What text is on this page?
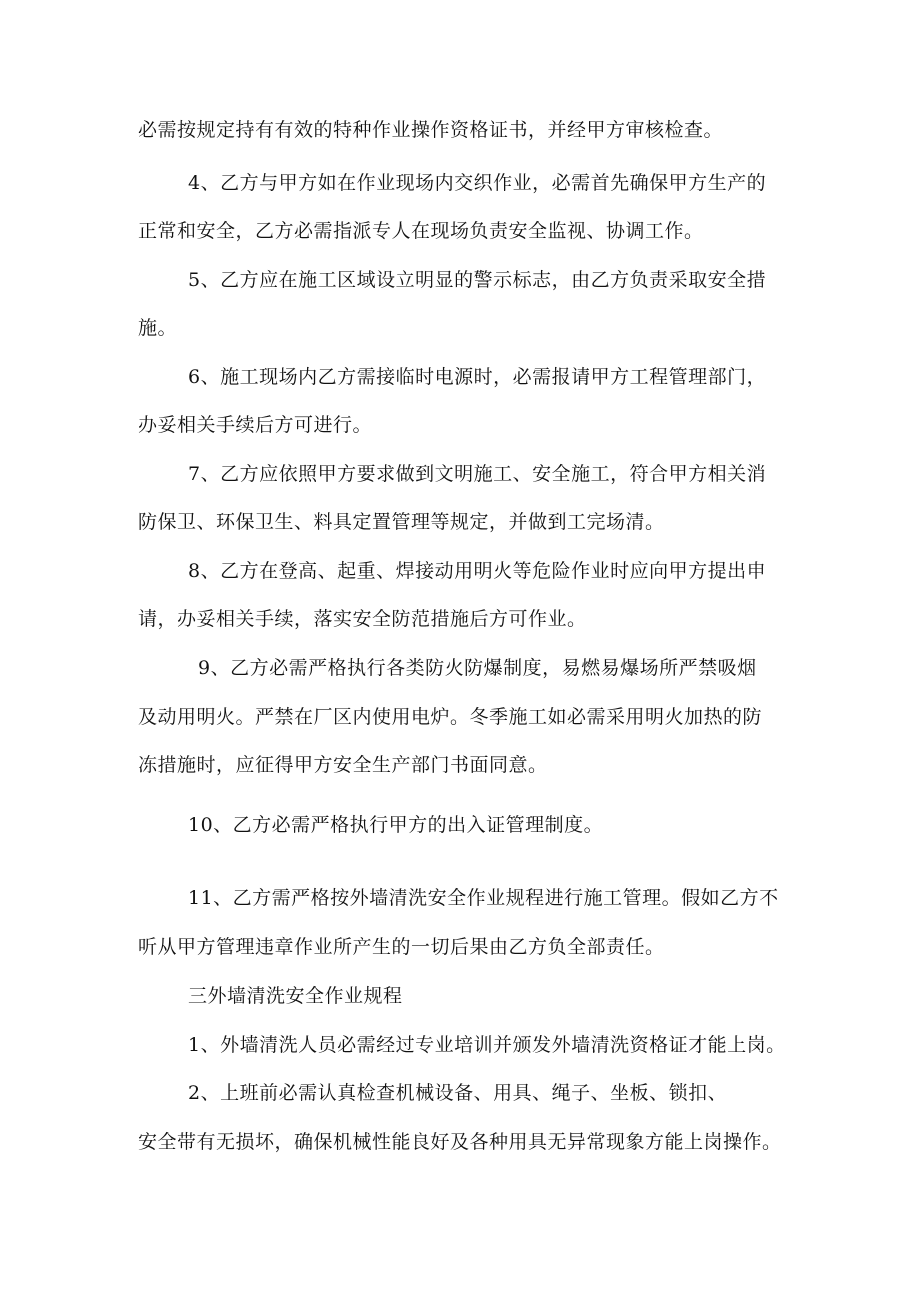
必需按规定持有有效的特种作业操作资格证书，并经甲方审核检查。
4、乙方与甲方如在作业现场内交织作业，必需首先确保甲方生产的
正常和安全，乙方必需指派专人在现场负责安全监视、协调工作。
5、乙方应在施工区域设立明显的警示标志，由乙方负责采取安全措
施。
6、施工现场内乙方需接临时电源时，必需报请甲方工程管理部门，
办妥相关手续后方可进行。
7、乙方应依照甲方要求做到文明施工、安全施工，符合甲方相关消
防保卫、环保卫生、料具定置管理等规定，并做到工完场清。
8、乙方在登高、起重、焊接动用明火等危险作业时应向甲方提出申
请，办妥相关手续，落实安全防范措施后方可作业。
9、乙方必需严格执行各类防火防爆制度，易燃易爆场所严禁吸烟
及动用明火。严禁在厂区内使用电炉。冬季施工如必需采用明火加热的防
冻措施时，应征得甲方安全生产部门书面同意。
10、乙方必需严格执行甲方的出入证管理制度。
11、乙方需严格按外墙清洗安全作业规程进行施工管理。假如乙方不
听从甲方管理违章作业所产生的一切后果由乙方负全部责任。
三外墙清洗安全作业规程
1、外墙清洗人员必需经过专业培训并颁发外墙清洗资格证才能上岗。
2、上班前必需认真检查机械设备、用具、绳子、坐板、锁扣、
安全带有无损坏，确保机械性能良好及各种用具无异常现象方能上岗操作。
